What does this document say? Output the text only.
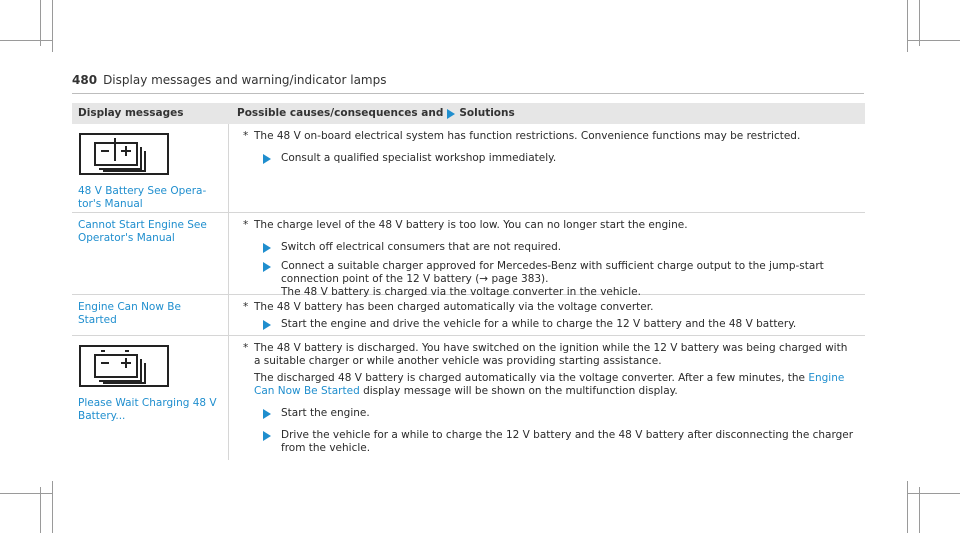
480 Display messages and warning/indicator lamps
Display messages	Possible causes/consequences and Solutions
48 V Battery See Operator's Manual
* The 48 V on-board electrical system has function restrictions. Convenience functions may be restricted.
Consult a qualified specialist workshop immediately.
Cannot Start Engine See Operator's Manual
* The charge level of the 48 V battery is too low. You can no longer start the engine.
Switch off electrical consumers that are not required.
Connect a suitable charger approved for Mercedes-Benz with sufficient charge output to the jump-start connection point of the 12 V battery (→ page 383).
The 48 V battery is charged via the voltage converter in the vehicle.
Engine Can Now Be Started
* The 48 V battery has been charged automatically via the voltage converter.
Start the engine and drive the vehicle for a while to charge the 12 V battery and the 48 V battery.
Please Wait Charging 48 V Battery...
* The 48 V battery is discharged. You have switched on the ignition while the 12 V battery was being charged with a suitable charger or while another vehicle was providing starting assistance.
The discharged 48 V battery is charged automatically via the voltage converter. After a few minutes, the Engine Can Now Be Started display message will be shown on the multifunction display.
Start the engine.
Drive the vehicle for a while to charge the 12 V battery and the 48 V battery after disconnecting the charger from the vehicle.
